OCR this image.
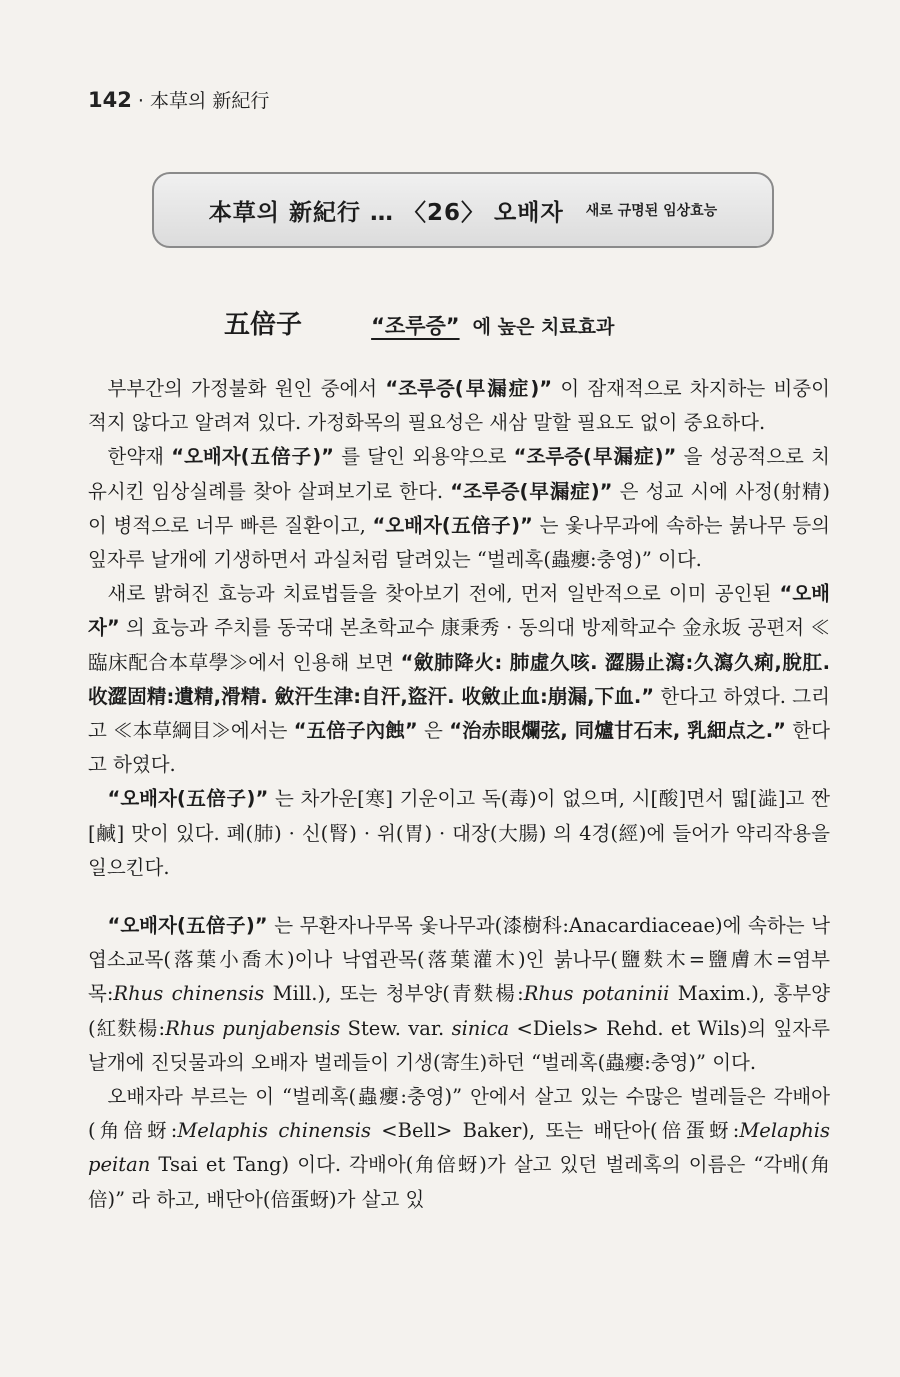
142 · 本草의 新紀行
本草의 新紀行 … 〈26〉 오배자 새로 규명된 임상효능
五倍子	“조루증” 에 높은 치료효과

부부간의 가정불화 원인 중에서 “조루증(早漏症)” 이 잠재적으로 차지하는 비중이 적지 않다고 알려져 있다. 가정화목의 필요성은 새삼 말할 필요도 없이 중요하다.

한약재 “오배자(五倍子)” 를 달인 외용약으로 “조루증(早漏症)” 을 성공적으로 치유시킨 임상실례를 찾아 살펴보기로 한다. “조루증(早漏症)” 은 성교 시에 사정(射精)이 병적으로 너무 빠른 질환이고, “오배자(五倍子)” 는 옻나무과에 속하는 붉나무 등의 잎자루 날개에 기생하면서 과실처럼 달려있는 “벌레혹(蟲癭:충영)” 이다.

새로 밝혀진 효능과 치료법들을 찾아보기 전에, 먼저 일반적으로 이미 공인된 “오배자” 의 효능과 주치를 동국대 본초학교수 康秉秀 · 동의대 방제학교수 金永坂 공편저 ≪臨床配合本草學≫에서 인용해 보면 “斂肺降火: 肺虛久咳. 澀腸止瀉:久瀉久痢,脫肛. 收澀固精:遺精,滑精. 斂汗生津:自汗,盜汗. 收斂止血:崩漏,下血.” 한다고 하였다. 그리고 ≪本草綱目≫에서는 “五倍子內蝕” 은 “治赤眼爛弦, 同爐甘石末, 乳細点之.” 한다고 하였다.

“오배자(五倍子)” 는 차가운[寒] 기운이고 독(毒)이 없으며, 시[酸]면서 떫[澁]고 짠[鹹] 맛이 있다. 폐(肺) · 신(腎) · 위(胃) · 대장(大腸) 의 4경(經)에 들어가 약리작용을 일으킨다.

“오배자(五倍子)” 는 무환자나무목 옻나무과(漆樹科:Anacardiaceae)에 속하는 낙엽소교목(落葉小喬木)이나 낙엽관목(落葉灌木)인 붉나무(鹽麩木=鹽膚木=염부목:Rhus chinensis Mill.), 또는 청부양(青麩楊:Rhus potaninii Maxim.), 홍부양(紅麩楊:Rhus punjabensis Stew. var. sinica <Diels> Rehd. et Wils)의 잎자루 날개에 진딧물과의 오배자 벌레들이 기생(寄生)하던 “벌레혹(蟲癭:충영)” 이다.

오배자라 부르는 이 “벌레혹(蟲癭:충영)” 안에서 살고 있는 수많은 벌레들은 각배아(角倍蚜:Melaphis chinensis <Bell> Baker), 또는 배단아(倍蛋蚜:Melaphis peitan Tsai et Tang) 이다. 각배아(角倍蚜)가 살고 있던 벌레혹의 이름은 “각배(角倍)” 라 하고, 배단아(倍蛋蚜)가 살고 있
